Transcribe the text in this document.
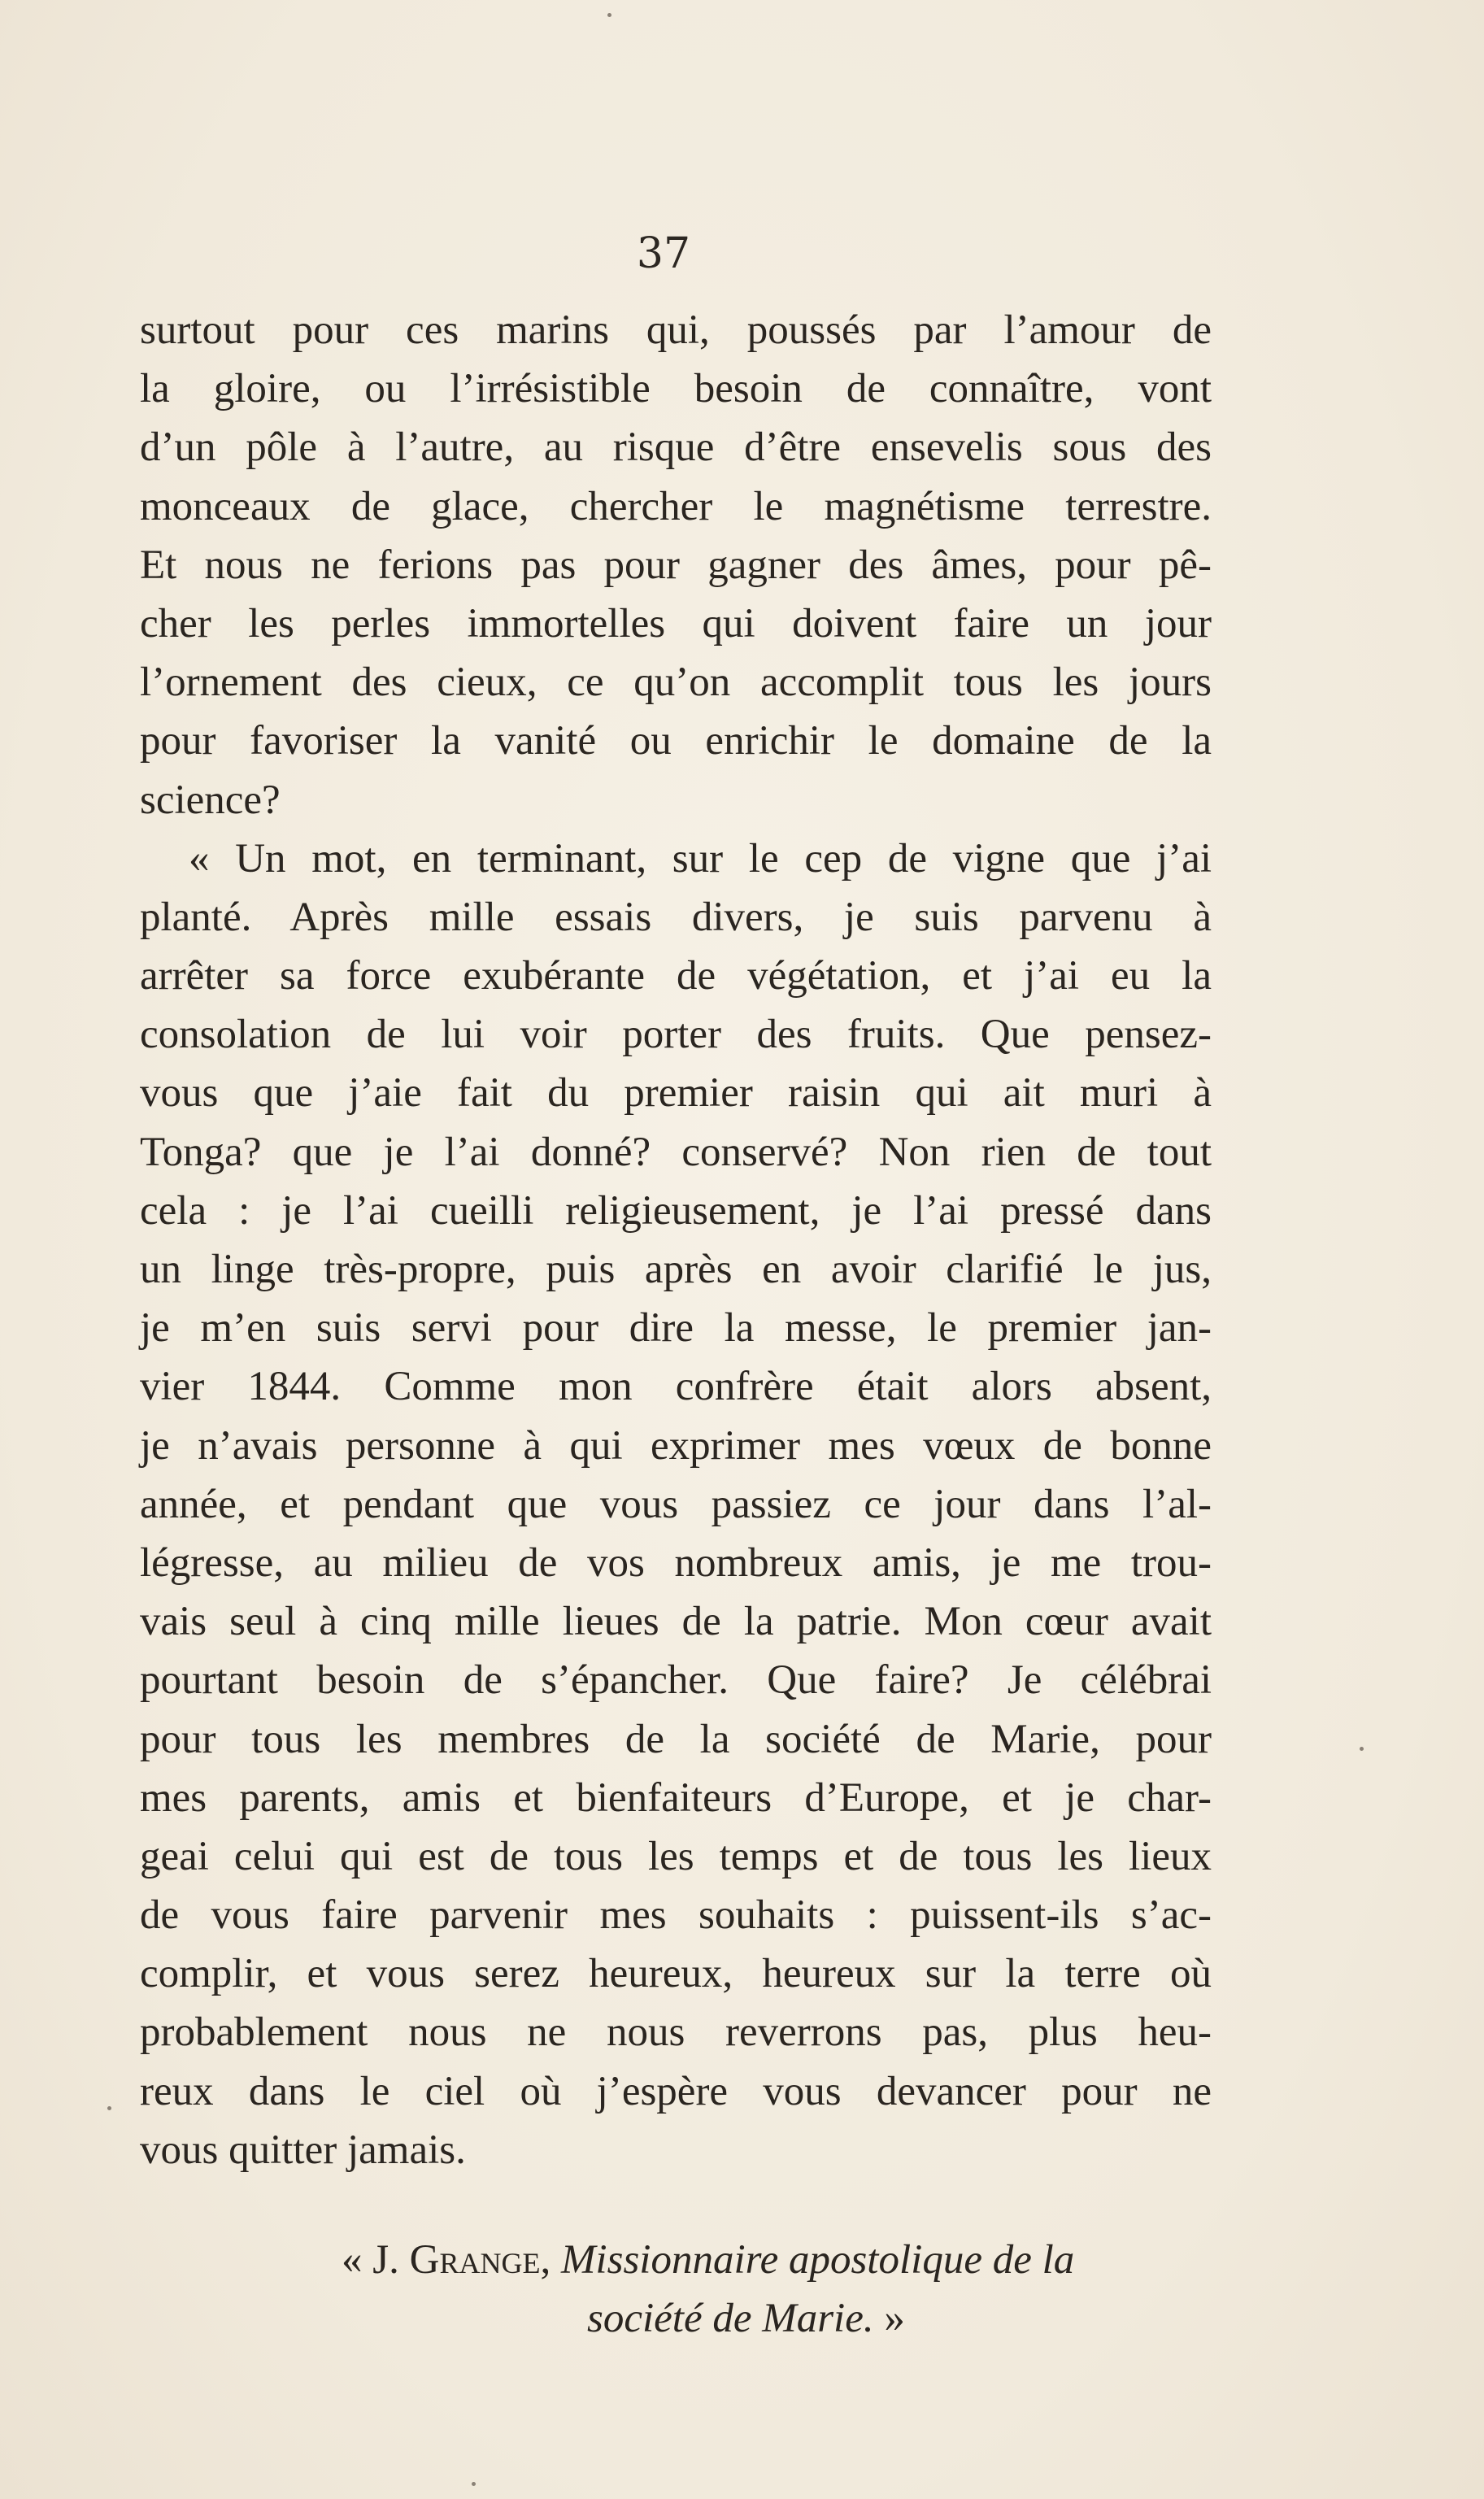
37
surtout pour ces marins qui, poussés par l’amour de
la gloire, ou l’irrésistible besoin de connaître, vont
d’un pôle à l’autre, au risque d’être ensevelis sous des
monceaux de glace, chercher le magnétisme terrestre.
Et nous ne ferions pas pour gagner des âmes, pour pê-
cher les perles immortelles qui doivent faire un jour
l’ornement des cieux, ce qu’on accomplit tous les jours
pour favoriser la vanité ou enrichir le domaine de la
science?
« Un mot, en terminant, sur le cep de vigne que j’ai
planté. Après mille essais divers, je suis parvenu à
arrêter sa force exubérante de végétation, et j’ai eu la
consolation de lui voir porter des fruits. Que pensez-
vous que j’aie fait du premier raisin qui ait muri à
Tonga? que je l’ai donné? conservé? Non rien de tout
cela : je l’ai cueilli religieusement, je l’ai pressé dans
un linge très-propre, puis après en avoir clarifié le jus,
je m’en suis servi pour dire la messe, le premier jan-
vier 1844. Comme mon confrère était alors absent,
je n’avais personne à qui exprimer mes vœux de bonne
année, et pendant que vous passiez ce jour dans l’al-
légresse, au milieu de vos nombreux amis, je me trou-
vais seul à cinq mille lieues de la patrie. Mon cœur avait
pourtant besoin de s’épancher. Que faire? Je célébrai
pour tous les membres de la société de Marie, pour
mes parents, amis et bienfaiteurs d’Europe, et je char-
geai celui qui est de tous les temps et de tous les lieux
de vous faire parvenir mes souhaits : puissent-ils s’ac-
complir, et vous serez heureux, heureux sur la terre où
probablement nous ne nous reverrons pas, plus heu-
reux dans le ciel où j’espère vous devancer pour ne
vous quitter jamais.
« J. Grange, Missionnaire apostolique de la
société de Marie. »
